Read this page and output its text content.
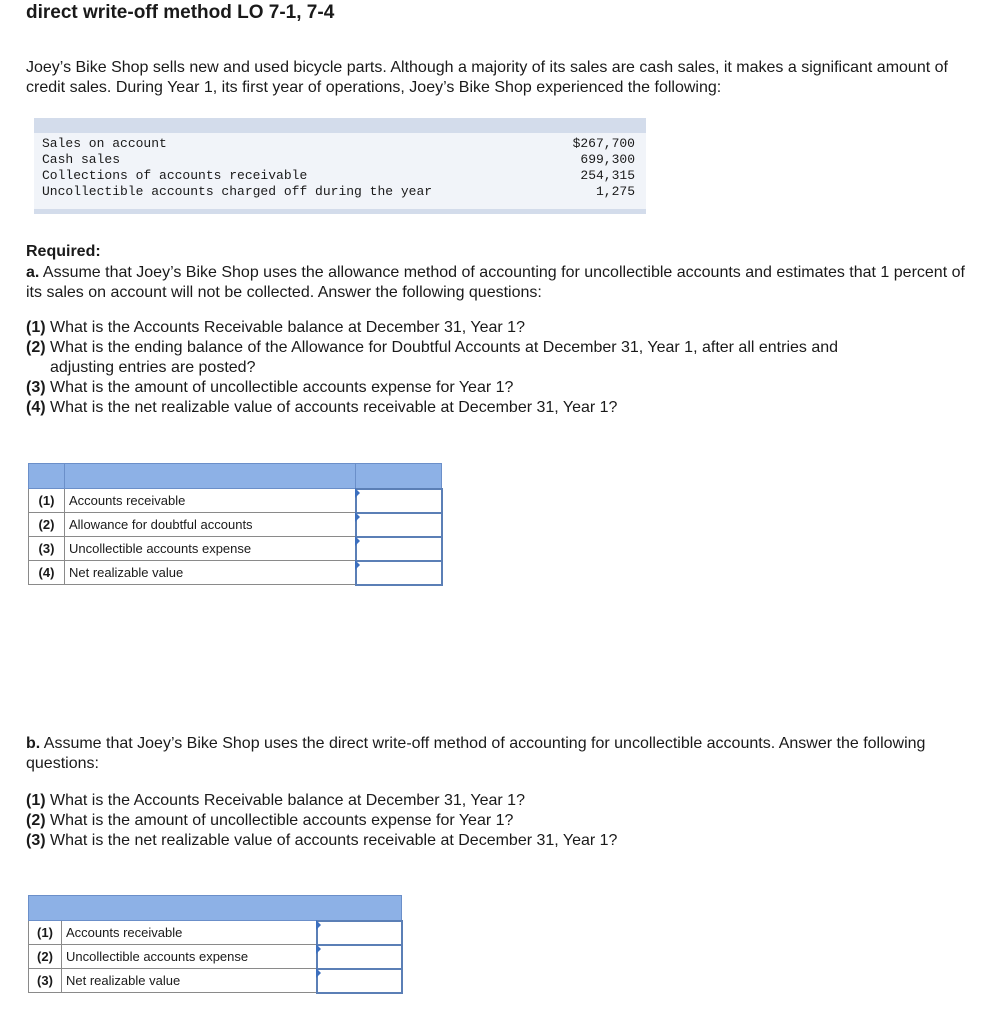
direct write-off method LO 7-1, 7-4
Joey’s Bike Shop sells new and used bicycle parts. Although a majority of its sales are cash sales, it makes a significant amount of credit sales. During Year 1, its first year of operations, Joey’s Bike Shop experienced the following:
Sales on account	$267,700
Cash sales	699,300
Collections of accounts receivable	254,315
Uncollectible accounts charged off during the year	1,275
Required:
a. Assume that Joey’s Bike Shop uses the allowance method of accounting for uncollectible accounts and estimates that 1 percent of its sales on account will not be collected. Answer the following questions:
(1) What is the Accounts Receivable balance at December 31, Year 1?
(2) What is the ending balance of the Allowance for Doubtful Accounts at December 31, Year 1, after all entries and
adjusting entries are posted?
(3) What is the amount of uncollectible accounts expense for Year 1?
(4) What is the net realizable value of accounts receivable at December 31, Year 1?

(1)	Accounts receivable	
(2)	Allowance for doubtful accounts	
(3)	Uncollectible accounts expense	
(4)	Net realizable value	
b. Assume that Joey’s Bike Shop uses the direct write-off method of accounting for uncollectible accounts. Answer the following questions:
(1) What is the Accounts Receivable balance at December 31, Year 1?
(2) What is the amount of uncollectible accounts expense for Year 1?
(3) What is the net realizable value of accounts receivable at December 31, Year 1?

(1)	Accounts receivable	
(2)	Uncollectible accounts expense	
(3)	Net realizable value	
